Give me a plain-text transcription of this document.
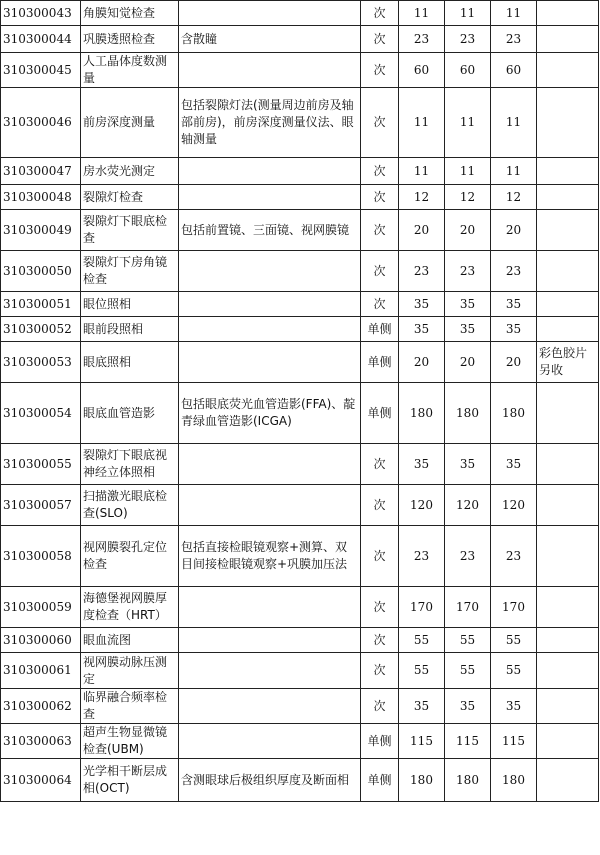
310300043	角膜知觉检查		次	11	11	11	
310300044	巩膜透照检查	含散瞳	次	23	23	23	
310300045	人工晶体度数测量		次	60	60	60	
310300046	前房深度测量	包括裂隙灯法(测量周边前房及轴部前房)，前房深度测量仪法、眼轴测量	次	11	11	11	
310300047	房水荧光测定		次	11	11	11	
310300048	裂隙灯检查		次	12	12	12	
310300049	裂隙灯下眼底检查	包括前置镜、三面镜、视网膜镜	次	20	20	20	
310300050	裂隙灯下房角镜检查		次	23	23	23	
310300051	眼位照相		次	35	35	35	
310300052	眼前段照相		单侧	35	35	35	
310300053	眼底照相		单侧	20	20	20	彩色胶片另收
310300054	眼底血管造影	包括眼底荧光血管造影(FFA)、靛青绿血管造影(ICGA)	单侧	180	180	180	
310300055	裂隙灯下眼底视神经立体照相		次	35	35	35	
310300057	扫描激光眼底检查(SLO)		次	120	120	120	
310300058	视网膜裂孔定位检查	包括直接检眼镜观察+测算、双目间接检眼镜观察+巩膜加压法	次	23	23	23	
310300059	海德堡视网膜厚度检查（HRT）		次	170	170	170	
310300060	眼血流图		次	55	55	55	
310300061	视网膜动脉压测定		次	55	55	55	
310300062	临界融合频率检查		次	35	35	35	
310300063	超声生物显微镜检查(UBM)		单侧	115	115	115	
310300064	光学相干断层成相(OCT)	含测眼球后极组织厚度及断面相	单侧	180	180	180	
